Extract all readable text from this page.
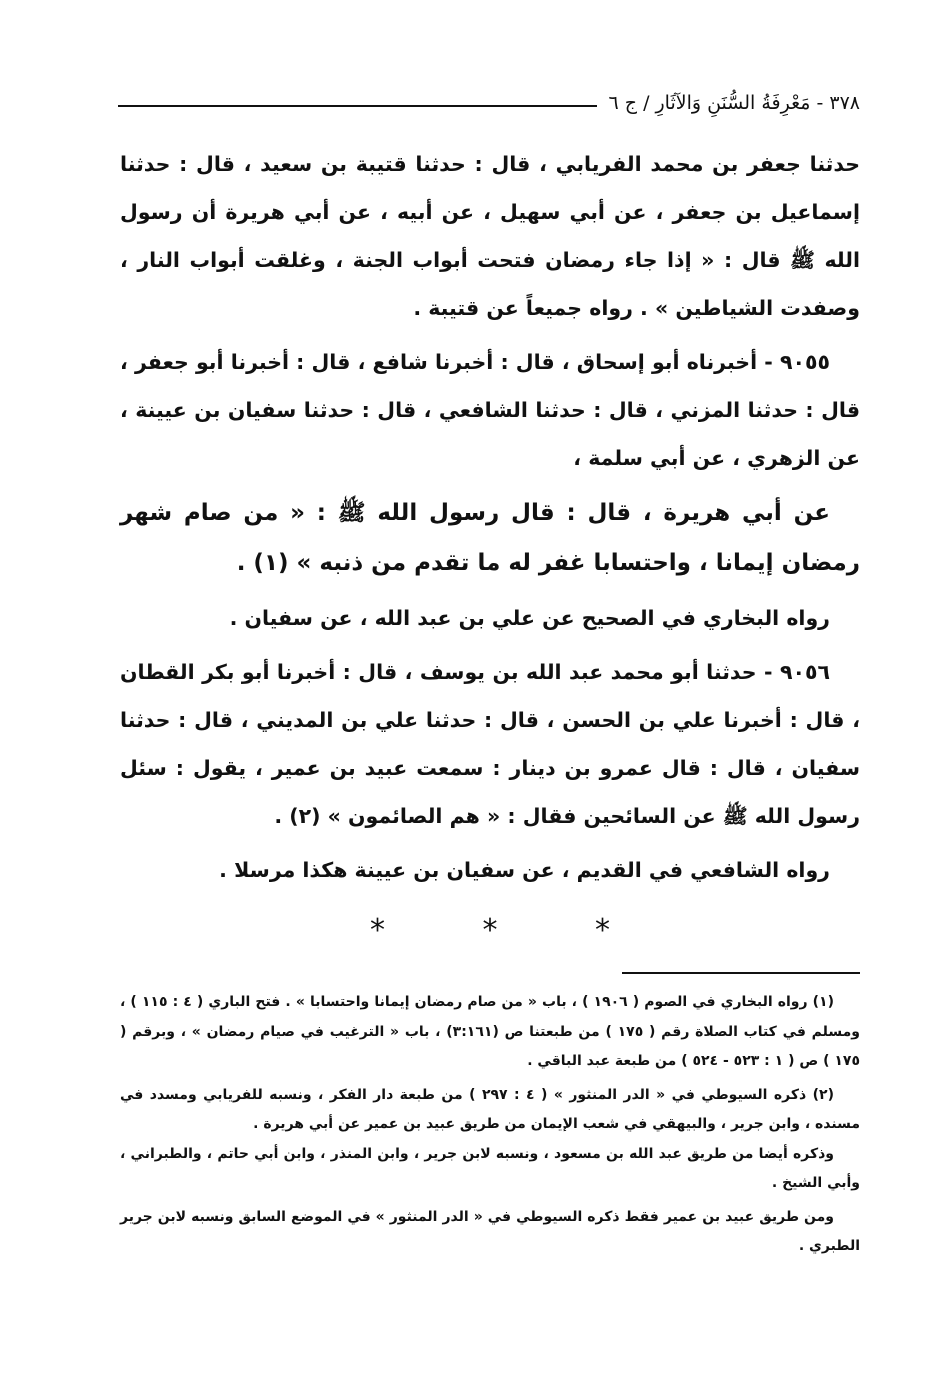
٣٧٨ - مَعْرِفَةُ السُّنَنِ وَالآثَارِ / ج ٦

حدثنا جعفر بن محمد الفريابي ، قال : حدثنا قتيبة بن سعيد ، قال : حدثنا إسماعيل بن جعفر ، عن أبي سهيل ، عن أبيه ، عن أبي هريرة أن رسول الله ﷺ قال : « إذا جاء رمضان فتحت أبواب الجنة ، وغلقت أبواب النار ، وصفدت الشياطين » . رواه جميعاً عن قتيبة .

٩٠٥٥ - أخبرناه أبو إسحاق ، قال : أخبرنا شافع ، قال : أخبرنا أبو جعفر ، قال : حدثنا المزني ، قال : حدثنا الشافعي ، قال : حدثنا سفيان بن عيينة ، عن الزهري ، عن أبي سلمة ،

عن أبي هريرة ، قال : قال رسول الله ﷺ : « من صام شهر رمضان إيمانا ، واحتسابا غفر له ما تقدم من ذنبه » (١) .

رواه البخاري في الصحيح عن علي بن عبد الله ، عن سفيان .

٩٠٥٦ - حدثنا أبو محمد عبد الله بن يوسف ، قال : أخبرنا أبو بكر القطان ، قال : أخبرنا علي بن الحسن ، قال : حدثنا علي بن المديني ، قال : حدثنا سفيان ، قال : قال عمرو بن دينار : سمعت عبيد بن عمير ، يقول : سئل رسول الله ﷺ عن السائحين فقال : « هم الصائمون » (٢) .

رواه الشافعي في القديم ، عن سفيان بن عيينة هكذا مرسلا .

* * *

(١) رواه البخاري في الصوم ( ١٩٠٦ ) ، باب « من صام رمضان إيمانا واحتسابا » . فتح الباري ( ٤ : ١١٥ ) ، ومسلم في كتاب الصلاة رقم ( ١٧٥ ) من طبعتنا ص (٣:١٦١) ، باب « الترغيب في صيام رمضان » ، وبرقم ( ١٧٥ ) ص ( ١ : ٥٢٣ - ٥٢٤ ) من طبعة عبد الباقي .

(٢) ذكره السيوطي في « الدر المنثور » ( ٤ : ٢٩٧ ) من طبعة دار الفكر ، ونسبه للفريابي ومسدد في مسنده ، وابن جرير ، والبيهقي في شعب الإيمان من طريق عبيد بن عمير عن أبي هريرة .

وذكره أيضا من طريق عبد الله بن مسعود ، ونسبه لابن جرير ، وابن المنذر ، وابن أبي حاتم ، والطبراني ، وأبي الشيخ .

ومن طريق عبيد بن عمير فقط ذكره السيوطي في « الدر المنثور » في الموضع السابق ونسبه لابن جرير الطبري .
